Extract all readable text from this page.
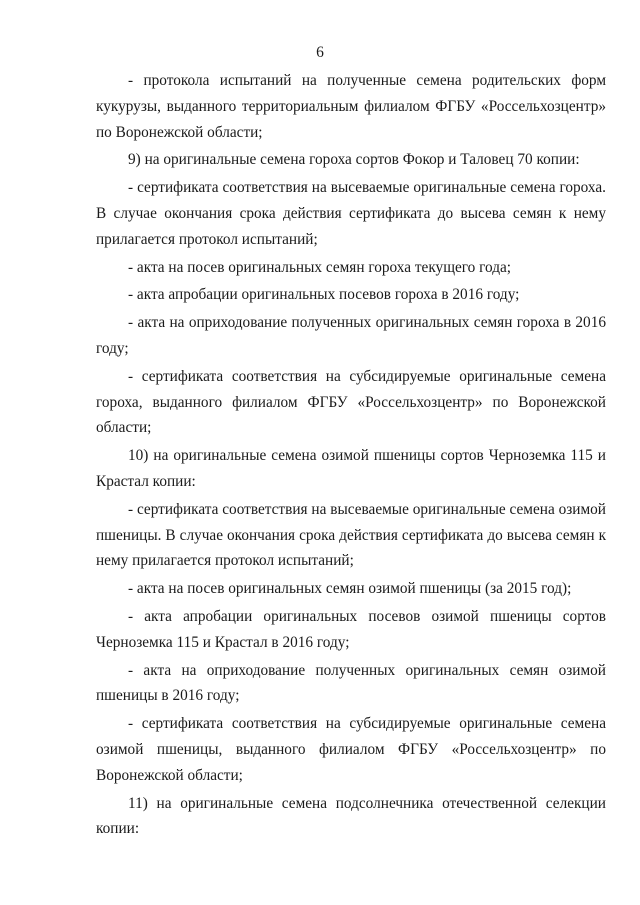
6

- протокола испытаний на полученные семена родительских форм кукурузы, выданного территориальным филиалом ФГБУ «Россельхозцентр» по Воронежской области;

9) на оригинальные семена гороха сортов Фокор и Таловец 70 копии:

- сертификата соответствия на высеваемые оригинальные семена гороха. В случае окончания срока действия сертификата до высева семян к нему прилагается протокол испытаний;

- акта на посев оригинальных семян гороха текущего года;

- акта апробации оригинальных посевов гороха в 2016 году;

- акта на оприходование полученных оригинальных семян гороха в 2016 году;

- сертификата соответствия на субсидируемые оригинальные семена гороха, выданного филиалом ФГБУ «Россельхозцентр» по Воронежской области;

10) на оригинальные семена озимой пшеницы сортов Черноземка 115 и Крастал копии:

- сертификата соответствия на высеваемые оригинальные семена озимой пшеницы. В случае окончания срока действия сертификата до высева семян к нему прилагается протокол испытаний;

- акта на посев оригинальных семян озимой пшеницы (за 2015 год);

- акта апробации оригинальных посевов озимой пшеницы сортов Черноземка 115 и Крастал в 2016 году;

- акта на оприходование полученных оригинальных семян озимой пшеницы в 2016 году;

- сертификата соответствия на субсидируемые оригинальные семена озимой пшеницы, выданного филиалом ФГБУ «Россельхозцентр» по Воронежской области;

11) на оригинальные семена подсолнечника отечественной селекции копии:
